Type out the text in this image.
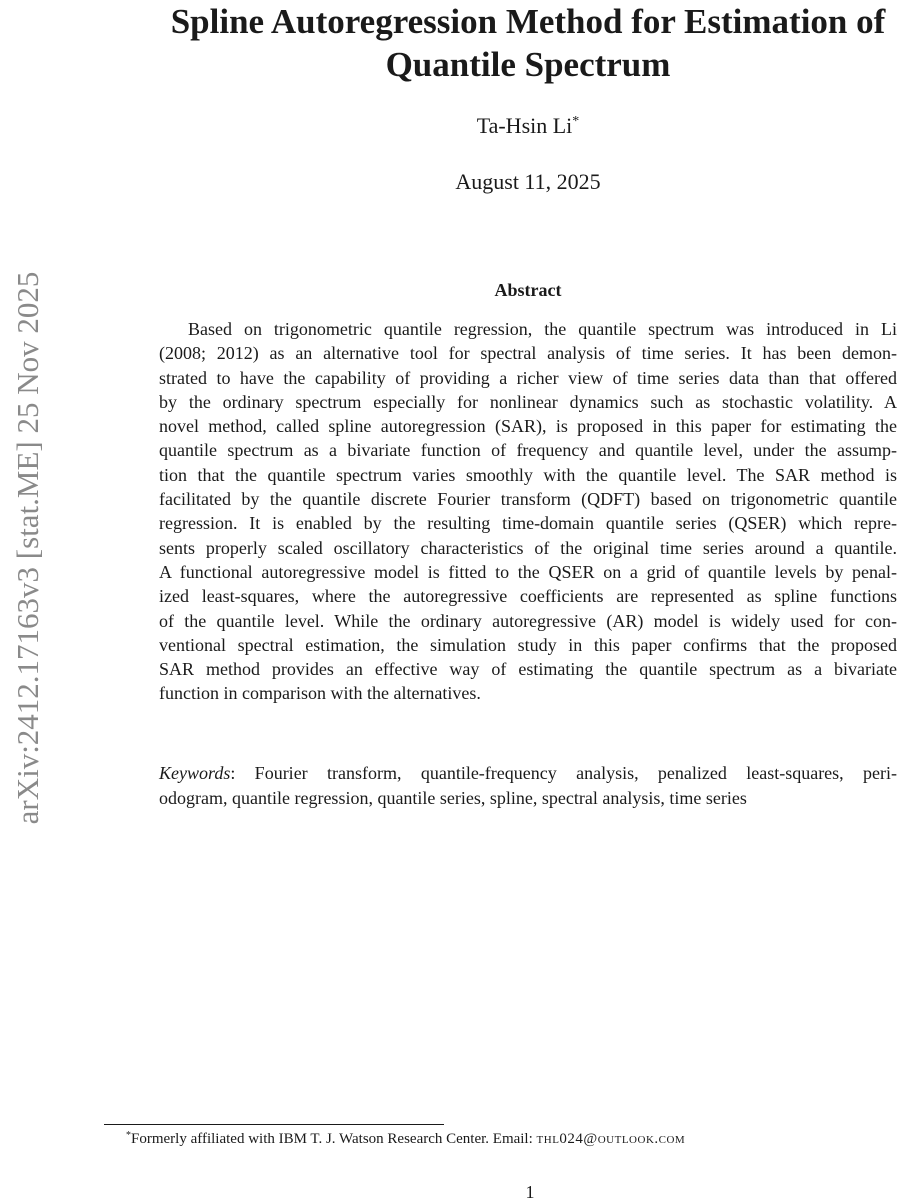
arXiv:2412.17163v3 [stat.ME] 25 Nov 2025
Spline Autoregression Method for Estimation of
Quantile Spectrum
Ta-Hsin Li*
August 11, 2025
Abstract
Based on trigonometric quantile regression, the quantile spectrum was introduced in Li
(2008; 2012) as an alternative tool for spectral analysis of time series. It has been demon-
strated to have the capability of providing a richer view of time series data than that offered
by the ordinary spectrum especially for nonlinear dynamics such as stochastic volatility. A
novel method, called spline autoregression (SAR), is proposed in this paper for estimating the
quantile spectrum as a bivariate function of frequency and quantile level, under the assump-
tion that the quantile spectrum varies smoothly with the quantile level. The SAR method is
facilitated by the quantile discrete Fourier transform (QDFT) based on trigonometric quantile
regression. It is enabled by the resulting time-domain quantile series (QSER) which repre-
sents properly scaled oscillatory characteristics of the original time series around a quantile.
A functional autoregressive model is fitted to the QSER on a grid of quantile levels by penal-
ized least-squares, where the autoregressive coefficients are represented as spline functions
of the quantile level. While the ordinary autoregressive (AR) model is widely used for con-
ventional spectral estimation, the simulation study in this paper confirms that the proposed
SAR method provides an effective way of estimating the quantile spectrum as a bivariate
function in comparison with the alternatives.
Keywords: Fourier transform, quantile-frequency analysis, penalized least-squares, peri-
odogram, quantile regression, quantile series, spline, spectral analysis, time series
*Formerly affiliated with IBM T. J. Watson Research Center. Email: thl024@outlook.com
1
